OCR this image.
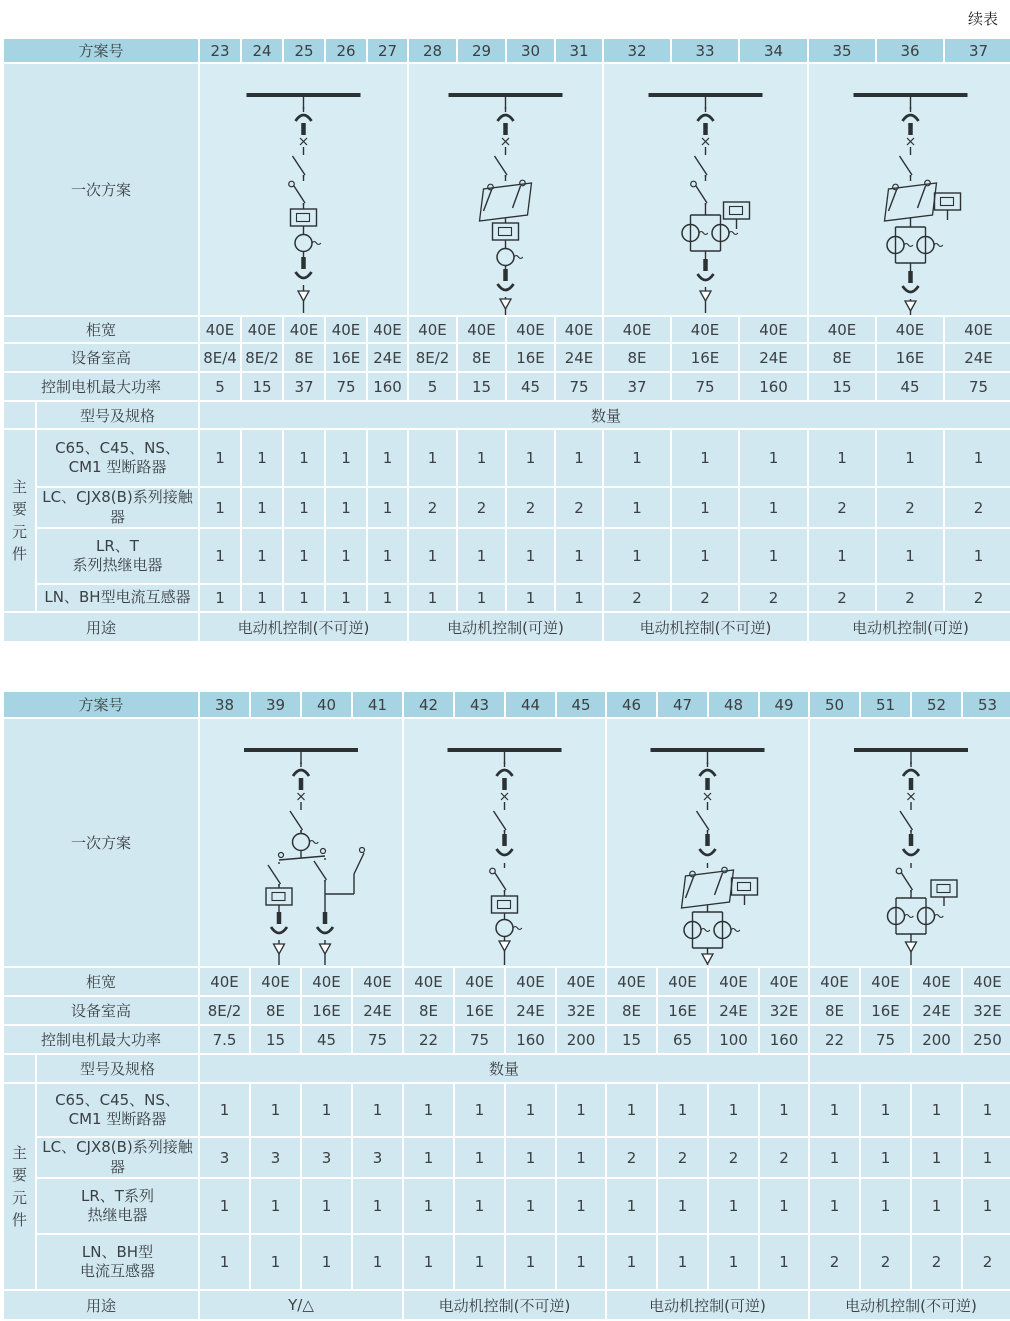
续表
方案号		23	24	25	26	27	28	29	30	31	32	33	34	35	36	37
一次方案	

柜宽		40E	40E	40E	40E	40E	40E	40E	40E	40E	40E	40E	40E	40E	40E	40E
设备室高		8E/4	8E/2	8E	16E	24E	8E/2	8E	16E	24E	8E	16E	24E	8E	16E	24E
控制电机最大功率		5	15	37	75	160	5	15	45	75	37	75	160	15	45	75
	型号及规格	数量														
主
要
元
件	C65、C45、NS、
CM1 型断路器	1	1	1	1	1	1	1	1	1	1	1	1	1	1	1
	LC、CJX8(B)系列接触器	1	1	1	1	1	2	2	2	2	1	1	1	2	2	2
	LR、T
系列热继电器	1	1	1	1	1	1	1	1	1	1	1	1	1	1	1
	LN、BH型电流互感器	1	1	1	1	1	1	1	1	1	2	2	2	2	2	2
用途		电动机控制(不可逆)					电动机控制(可逆)				电动机控制(不可逆)			电动机控制(可逆)		
方案号		38	39	40	41	42	43	44	45	46	47	48	49	50	51	52	53
一次方案	

柜宽		40E	40E	40E	40E	40E	40E	40E	40E	40E	40E	40E	40E	40E	40E	40E	40E
设备室高		8E/2	8E	16E	24E	8E	16E	24E	32E	8E	16E	24E	32E	8E	16E	24E	32E
控制电机最大功率		7.5	15	45	75	22	75	160	200	15	65	100	160	22	75	200	250
	型号及规格	数量															
主
要
元
件	C65、C45、NS、
CM1 型断路器	1	1	1	1	1	1	1	1	1	1	1	1	1	1	1	1
	LC、CJX8(B)系列接触器	3	3	3	3	1	1	1	1	2	2	2	2	1	1	1	1
	LR、T系列
热继电器	1	1	1	1	1	1	1	1	1	1	1	1	1	1	1	1
	LN、BH型
电流互感器	1	1	1	1	1	1	1	1	1	1	1	1	2	2	2	2
用途		Y/△				电动机控制(不可逆)				电动机控制(可逆)				电动机控制(不可逆)			
